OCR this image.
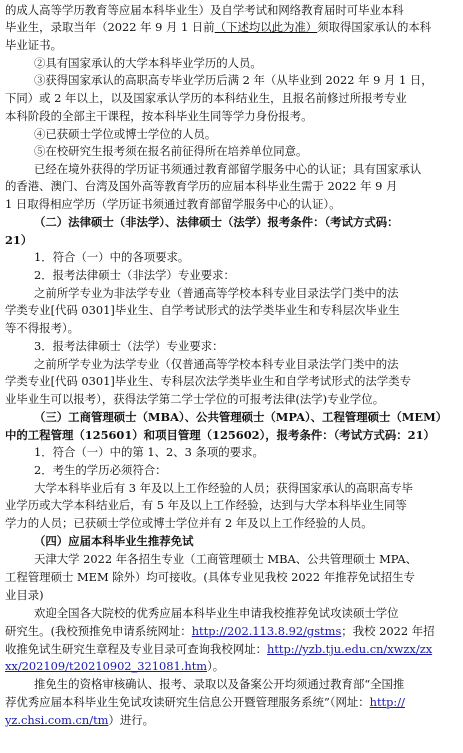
的成人高等学历教育等应届本科毕业生）及自学考试和网络教育届时可毕业本科
毕业生，录取当年（2022 年 9 月 1 日前（下述均以此为准）须取得国家承认的本科
毕业证书。
②具有国家承认的大学本科毕业学历的人员。
③获得国家承认的高职高专毕业学历后满 2 年（从毕业到 2022 年 9 月 1 日，
下同）或 2 年以上，以及国家承认学历的本科结业生，且报名前修过所报考专业
本科阶段的全部主干课程，按本科毕业生同等学力身份报考。
④已获硕士学位或博士学位的人员。
⑤在校研究生报考须在报名前征得所在培养单位同意。
已经在境外获得的学历证书须通过教育部留学服务中心的认证；具有国家承认
的香港、澳门、台湾及国外高等教育学历的应届本科毕业生需于 2022 年 9 月
1 日取得相应学历（学历证书须通过教育部留学服务中心的认证）。
（二）法律硕士（非法学）、法律硕士（法学）报考条件：（考试方式码：
21）
1．符合（一）中的各项要求。
2．报考法律硕士（非法学）专业要求：
之前所学专业为非法学专业（普通高等学校本科专业目录法学门类中的法
学类专业[代码 0301]毕业生、自学考试形式的法学类毕业生和专科层次毕业生
等不得报考）。
3．报考法律硕士（法学）专业要求：
之前所学专业为法学专业（仅普通高等学校本科专业目录法学门类中的法
学类专业[代码 0301]毕业生、专科层次法学类毕业生和自学考试形式的法学类专
业毕业生可以报考），获得法学第二学士学位的可报考法律(法学)专业学位。
（三）工商管理硕士（MBA）、公共管理硕士（MPA）、工程管理硕士（MEM）
中的工程管理（125601）和项目管理（125602），报考条件：（考试方式码：21）
1．符合（一）中的第 1、2、3 条项的要求。
2．考生的学历必须符合：
大学本科毕业后有 3 年及以上工作经验的人员；获得国家承认的高职高专毕
业学历或大学本科结业后，有 5 年及以上工作经验，达到与大学本科毕业生同等
学力的人员；已获硕士学位或博士学位并有 2 年及以上工作经验的人员。
（四）应届本科毕业生推荐免试
天津大学 2022 年各招生专业（工商管理硕士 MBA、公共管理硕士 MPA、
工程管理硕士 MEM 除外）均可接收。(具体专业见我校 2022 年推荐免试招生专
业目录)
欢迎全国各大院校的优秀应届本科毕业生申请我校推荐免试攻读硕士学位
研究生。(我校预推免申请系统网址：http://202.113.8.92/gstms；我校 2022 年招
收推免试生研究生章程及专业目录可查询我校网址：http://yzb.tju.edu.cn/xwzx/zx
xx/202109/t20210902_321081.htm）。
推免生的资格审核确认、报考、录取以及备案公开均须通过教育部“全国推
荐优秀应届本科毕业生免试攻读研究生信息公开暨管理服务系统”（网址：http://
yz.chsi.com.cn/tm）进行。
